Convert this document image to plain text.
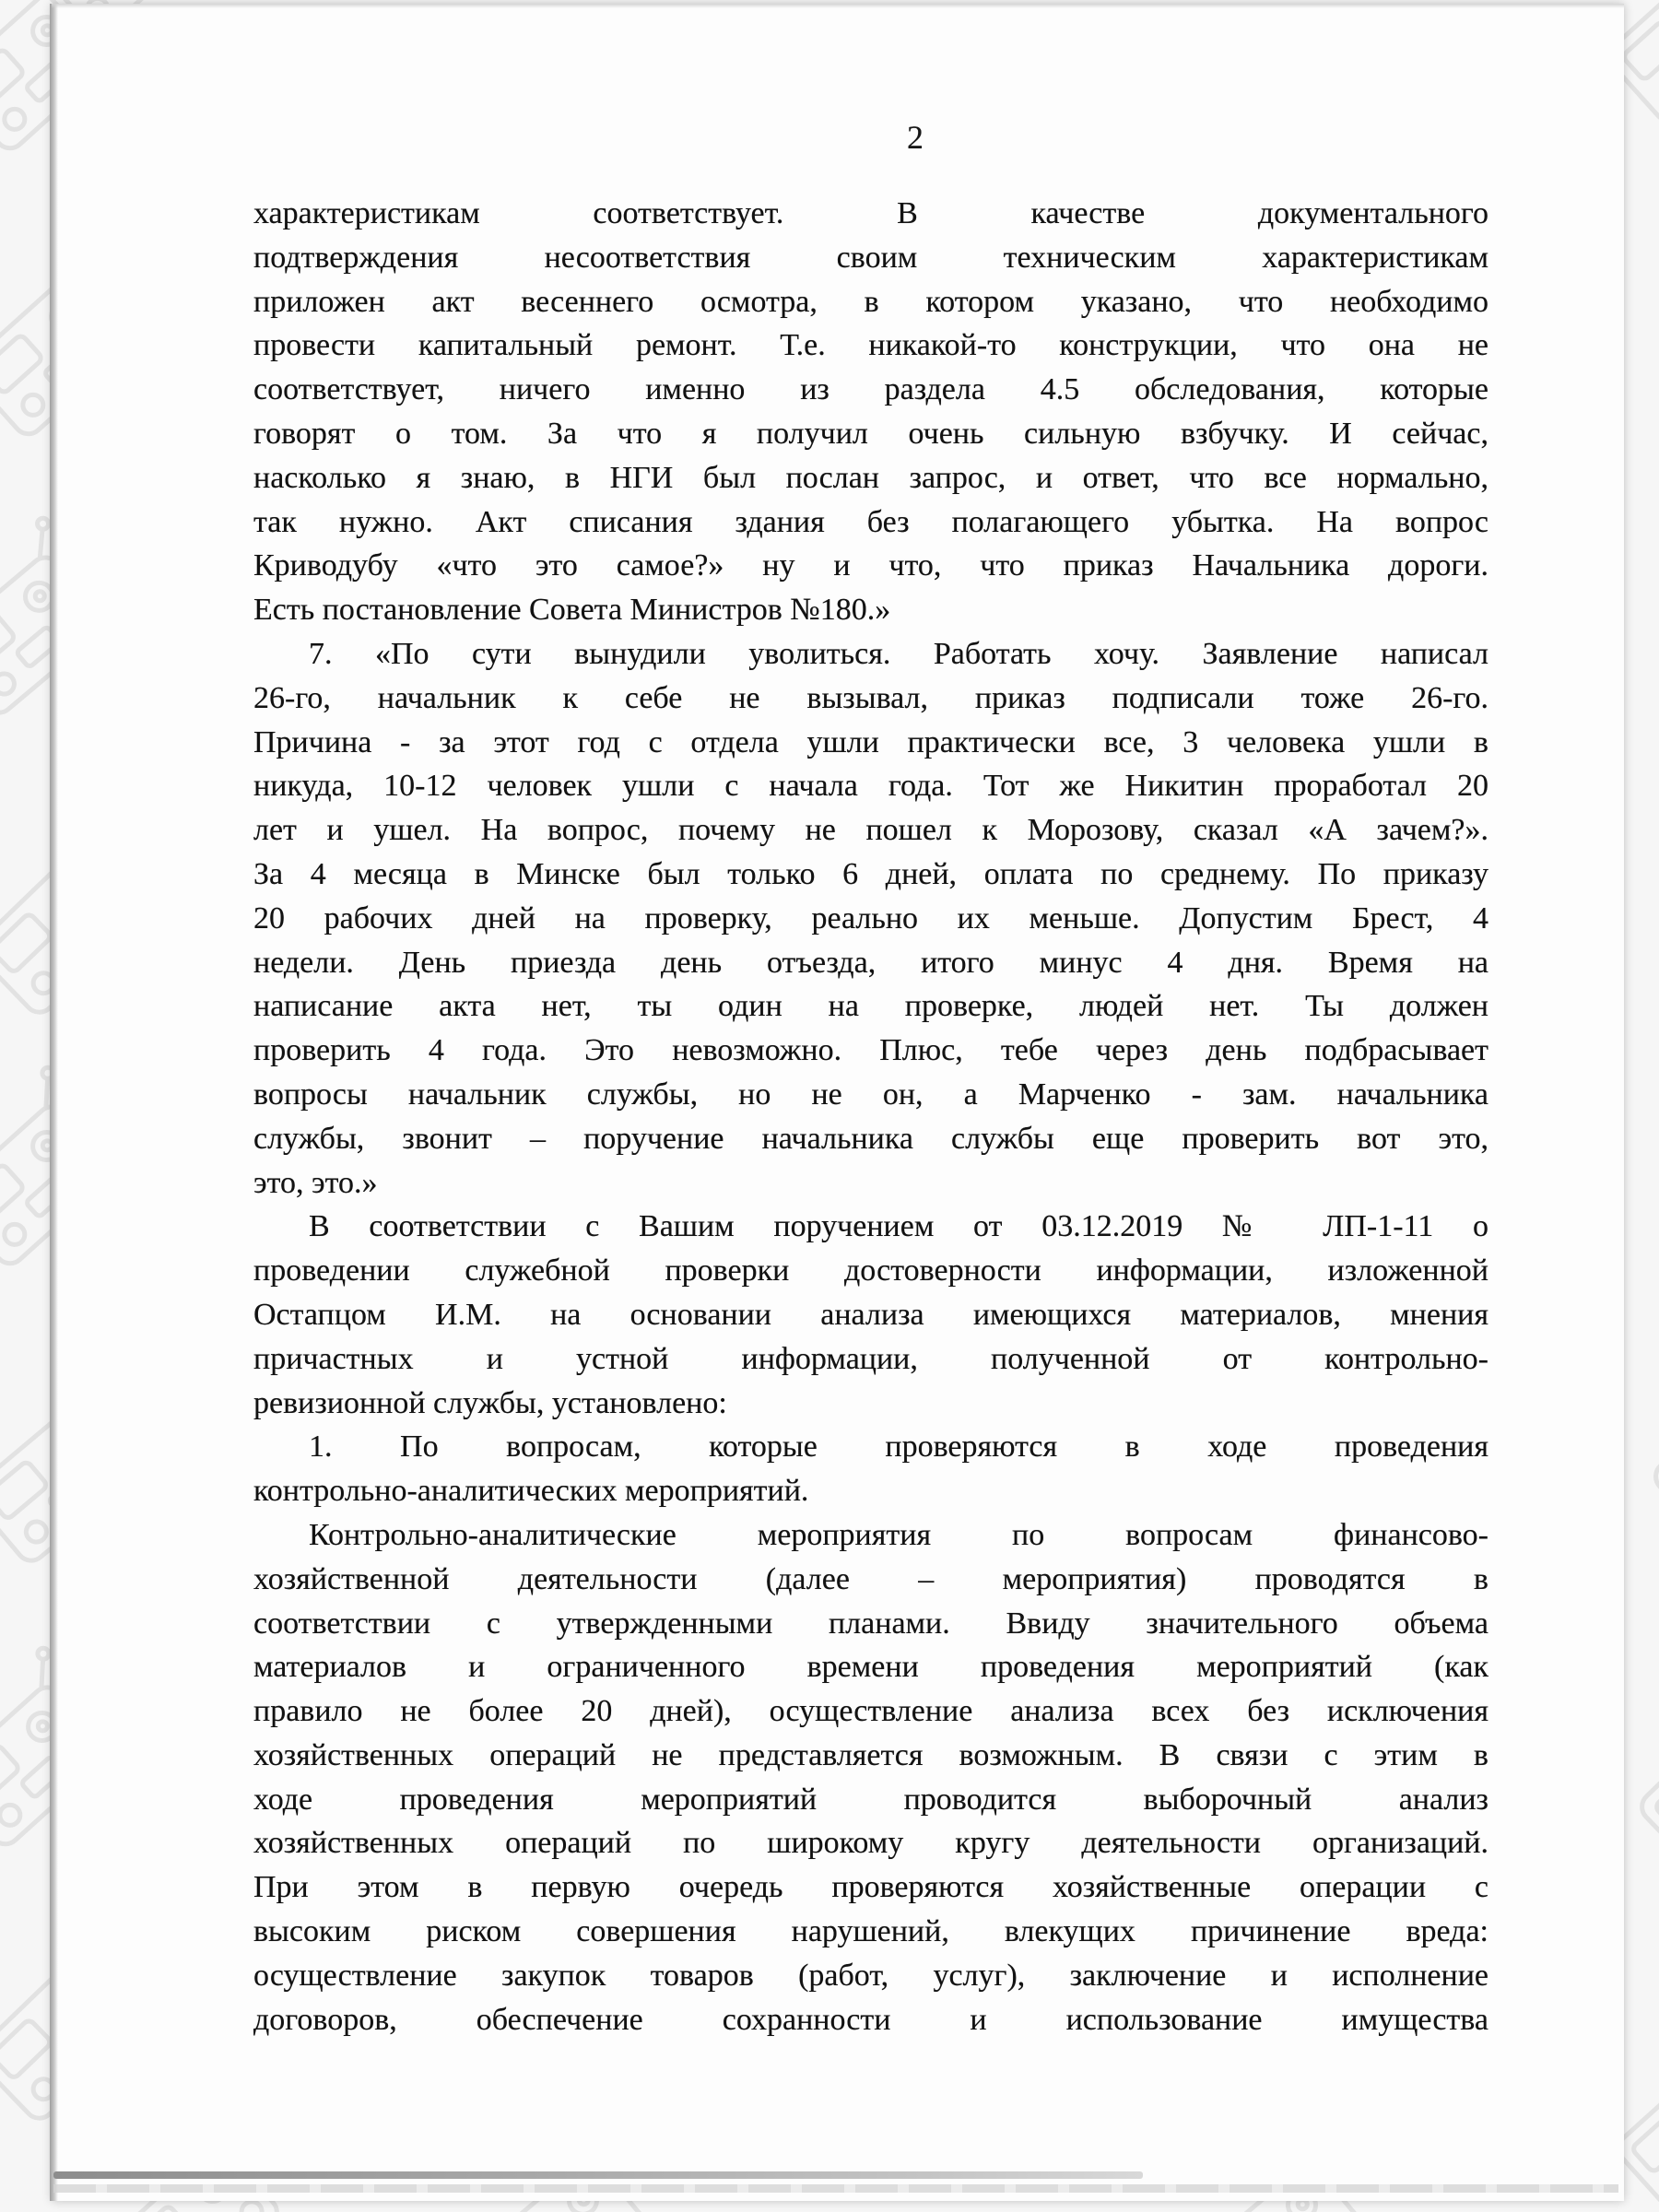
2
характеристикам соответствует. В качестве документального
подтверждения несоответствия своим техническим характеристикам
приложен акт весеннего осмотра, в котором указано, что необходимо
провести капитальный ремонт. Т.е. никакой-то конструкции, что она не
соответствует, ничего именно из раздела 4.5 обследования, которые
говорят о том. За что я получил очень сильную взбучку. И сейчас,
насколько я знаю, в НГИ был послан запрос, и ответ, что все нормально,
так нужно. Акт списания здания без полагающего убытка. На вопрос
Криводубу «что это самое?» ну и что, что приказ Начальника дороги.
Есть постановление Совета Министров №180.»
7. «По сути вынудили уволиться. Работать хочу. Заявление написал
26-го, начальник к себе не вызывал, приказ подписали тоже 26-го.
Причина - за этот год с отдела ушли практически все, 3 человека ушли в
никуда, 10-12 человек ушли с начала года. Тот же Никитин проработал 20
лет и ушел. На вопрос, почему не пошел к Морозову, сказал «А зачем?».
За 4 месяца в Минске был только 6 дней, оплата по среднему. По приказу
20 рабочих дней на проверку, реально их меньше. Допустим Брест, 4
недели. День приезда день отъезда, итого минус 4 дня. Время на
написание акта нет, ты один на проверке, людей нет. Ты должен
проверить 4 года. Это невозможно. Плюс, тебе через день подбрасывает
вопросы начальник службы, но не он, а Марченко - зам. начальника
службы, звонит – поручение начальника службы еще проверить вот это,
это, это.»
В соответствии с Вашим поручением от 03.12.2019 № ЛП-1-11 о
проведении служебной проверки достоверности информации, изложенной
Остапцом И.М. на основании анализа имеющихся материалов, мнения
причастных и устной информации, полученной от контрольно-
ревизионной службы, установлено:
1. По вопросам, которые проверяются в ходе проведения
контрольно-аналитических мероприятий.
Контрольно-аналитические мероприятия по вопросам финансово-
хозяйственной деятельности (далее – мероприятия) проводятся в
соответствии с утвержденными планами. Ввиду значительного объема
материалов и ограниченного времени проведения мероприятий (как
правило не более 20 дней), осуществление анализа всех без исключения
хозяйственных операций не представляется возможным. В связи с этим в
ходе проведения мероприятий проводится выборочный анализ
хозяйственных операций по широкому кругу деятельности организаций.
При этом в первую очередь проверяются хозяйственные операции с
высоким риском совершения нарушений, влекущих причинение вреда:
осуществление закупок товаров (работ, услуг), заключение и исполнение
договоров, обеспечение сохранности и использование имущества
